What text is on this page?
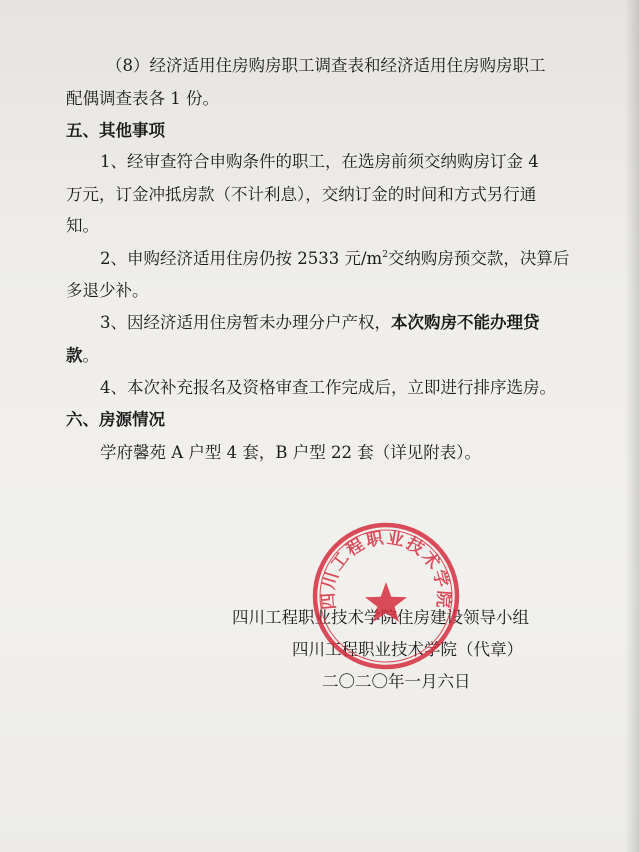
（8）经济适用住房购房职工调查表和经济适用住房购房职工
配偶调查表各 1 份。
五、其他事项
1、经审查符合申购条件的职工，在选房前须交纳购房订金 4
万元，订金冲抵房款（不计利息），交纳订金的时间和方式另行通
知。
2、申购经济适用住房仍按 2533 元$/m^2$交纳购房预交款，决算后
多退少补。
3、因经济适用住房暂未办理分户产权，本次购房不能办理贷
款。
4、本次补充报名及资格审查工作完成后，立即进行排序选房。
六、房源情况
学府馨苑 A 户型 4 套，B 户型 22 套（详见附表）。
四川工程职业技术学院住房建设领导小组
四川工程职业技术学院（代章）
二〇二〇年一月六日
四川工程职业技术学院
